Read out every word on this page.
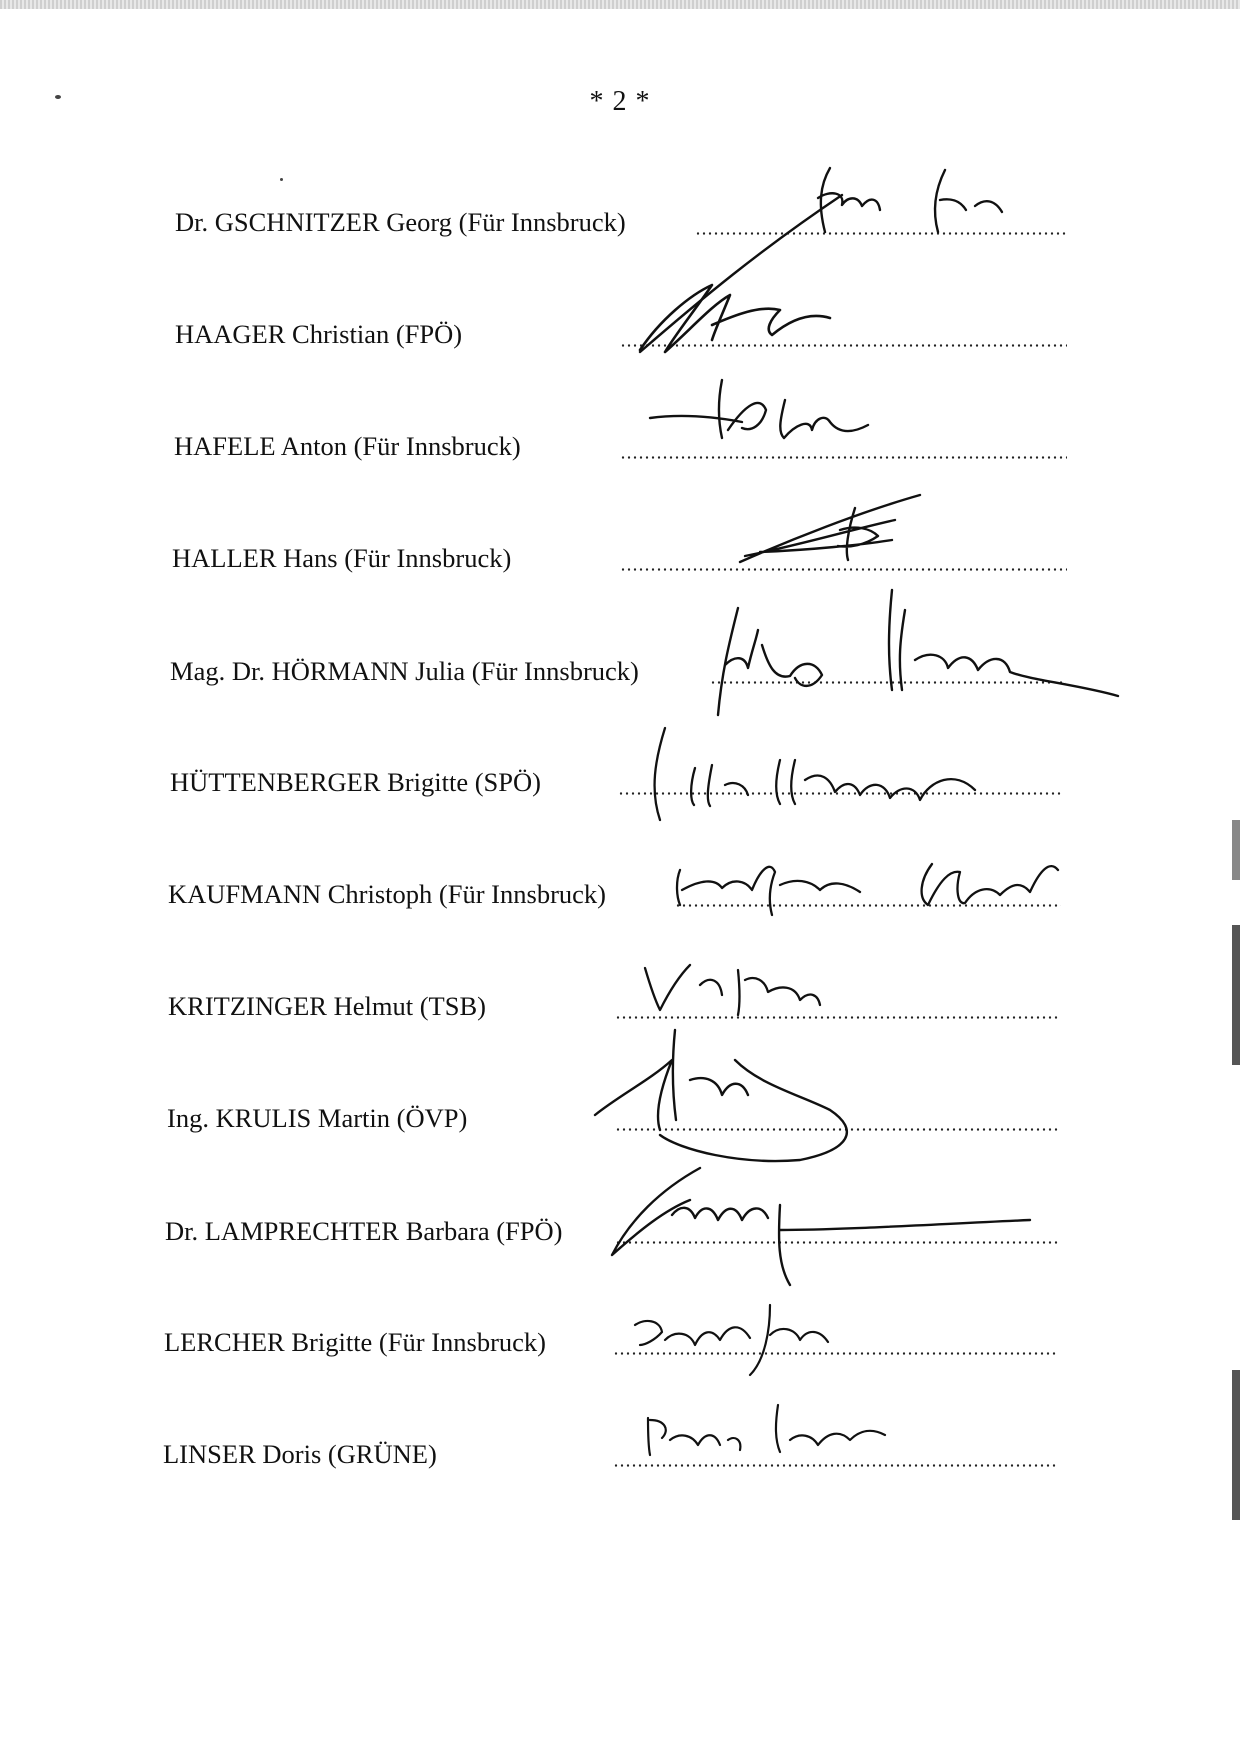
* 2 *
Dr. GSCHNITZER Georg (Für Innsbruck)
HAAGER Christian (FPÖ)
HAFELE Anton (Für Innsbruck)
HALLER Hans (Für Innsbruck)
Mag. Dr. HÖRMANN Julia (Für Innsbruck)
HÜTTENBERGER Brigitte (SPÖ)
KAUFMANN Christoph (Für Innsbruck)
KRITZINGER Helmut (TSB)
Ing. KRULIS Martin (ÖVP)
Dr. LAMPRECHTER Barbara (FPÖ)
LERCHER Brigitte (Für Innsbruck)
LINSER Doris (GRÜNE)
